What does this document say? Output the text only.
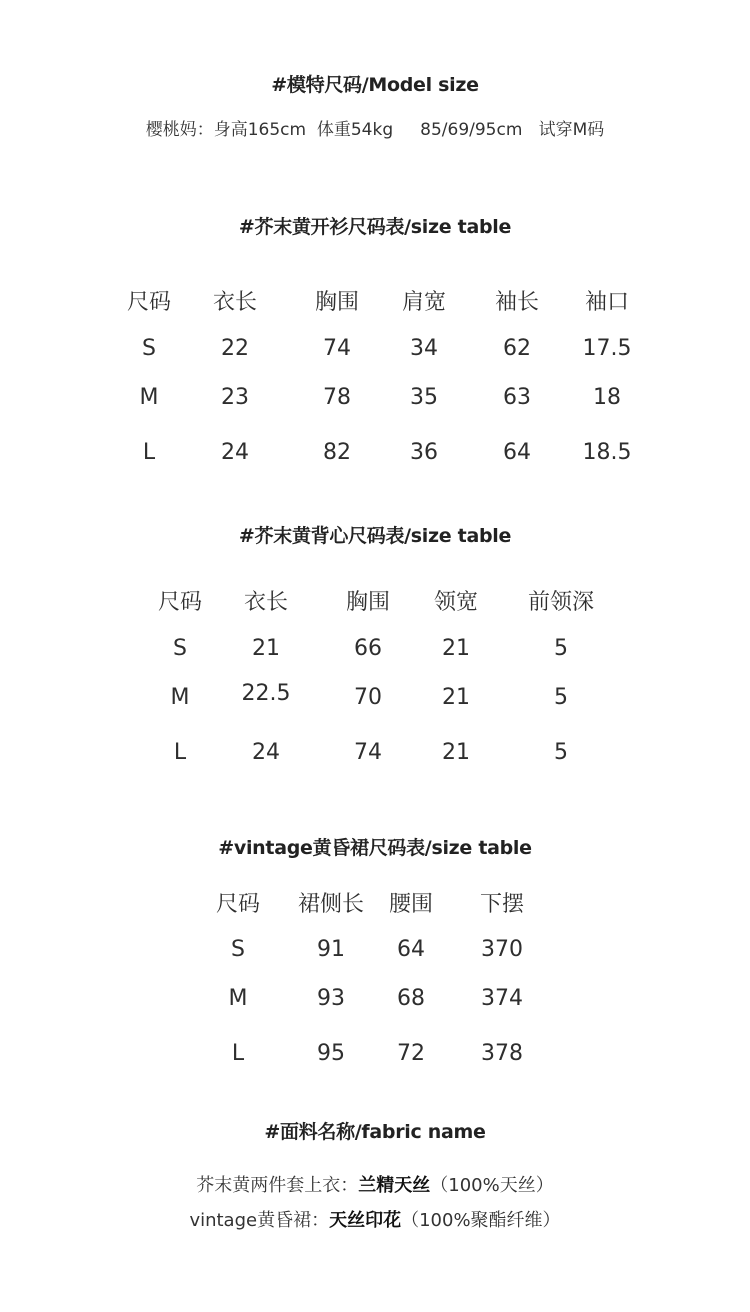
#模特尺码/Model size
樱桃妈：身高165cm  体重54kg     85/69/95cm   试穿M码
#芥末黄开衫尺码表/size table
尺码 衣长	胸围 肩宽 袖长 袖口
S	22	74	34	62 17.5
M	23	78	35	63	18
L	24	82	36	64 18.5
#芥末黄背心尺码表/size table
尺码 衣长	胸围 领宽 前领深
S	21	66	21	5
M 22.5	70	21	5
L	24	74	21	5
#vintage黄昏裙尺码表/size table
尺码 裙侧长 腰围 下摆
S	91 64	370
M	93 68	374
L	95 72	378
#面料名称/fabric name
芥末黄两件套上衣：兰精天丝（100%天丝）
vintage黄昏裙：天丝印花（100%聚酯纤维）
